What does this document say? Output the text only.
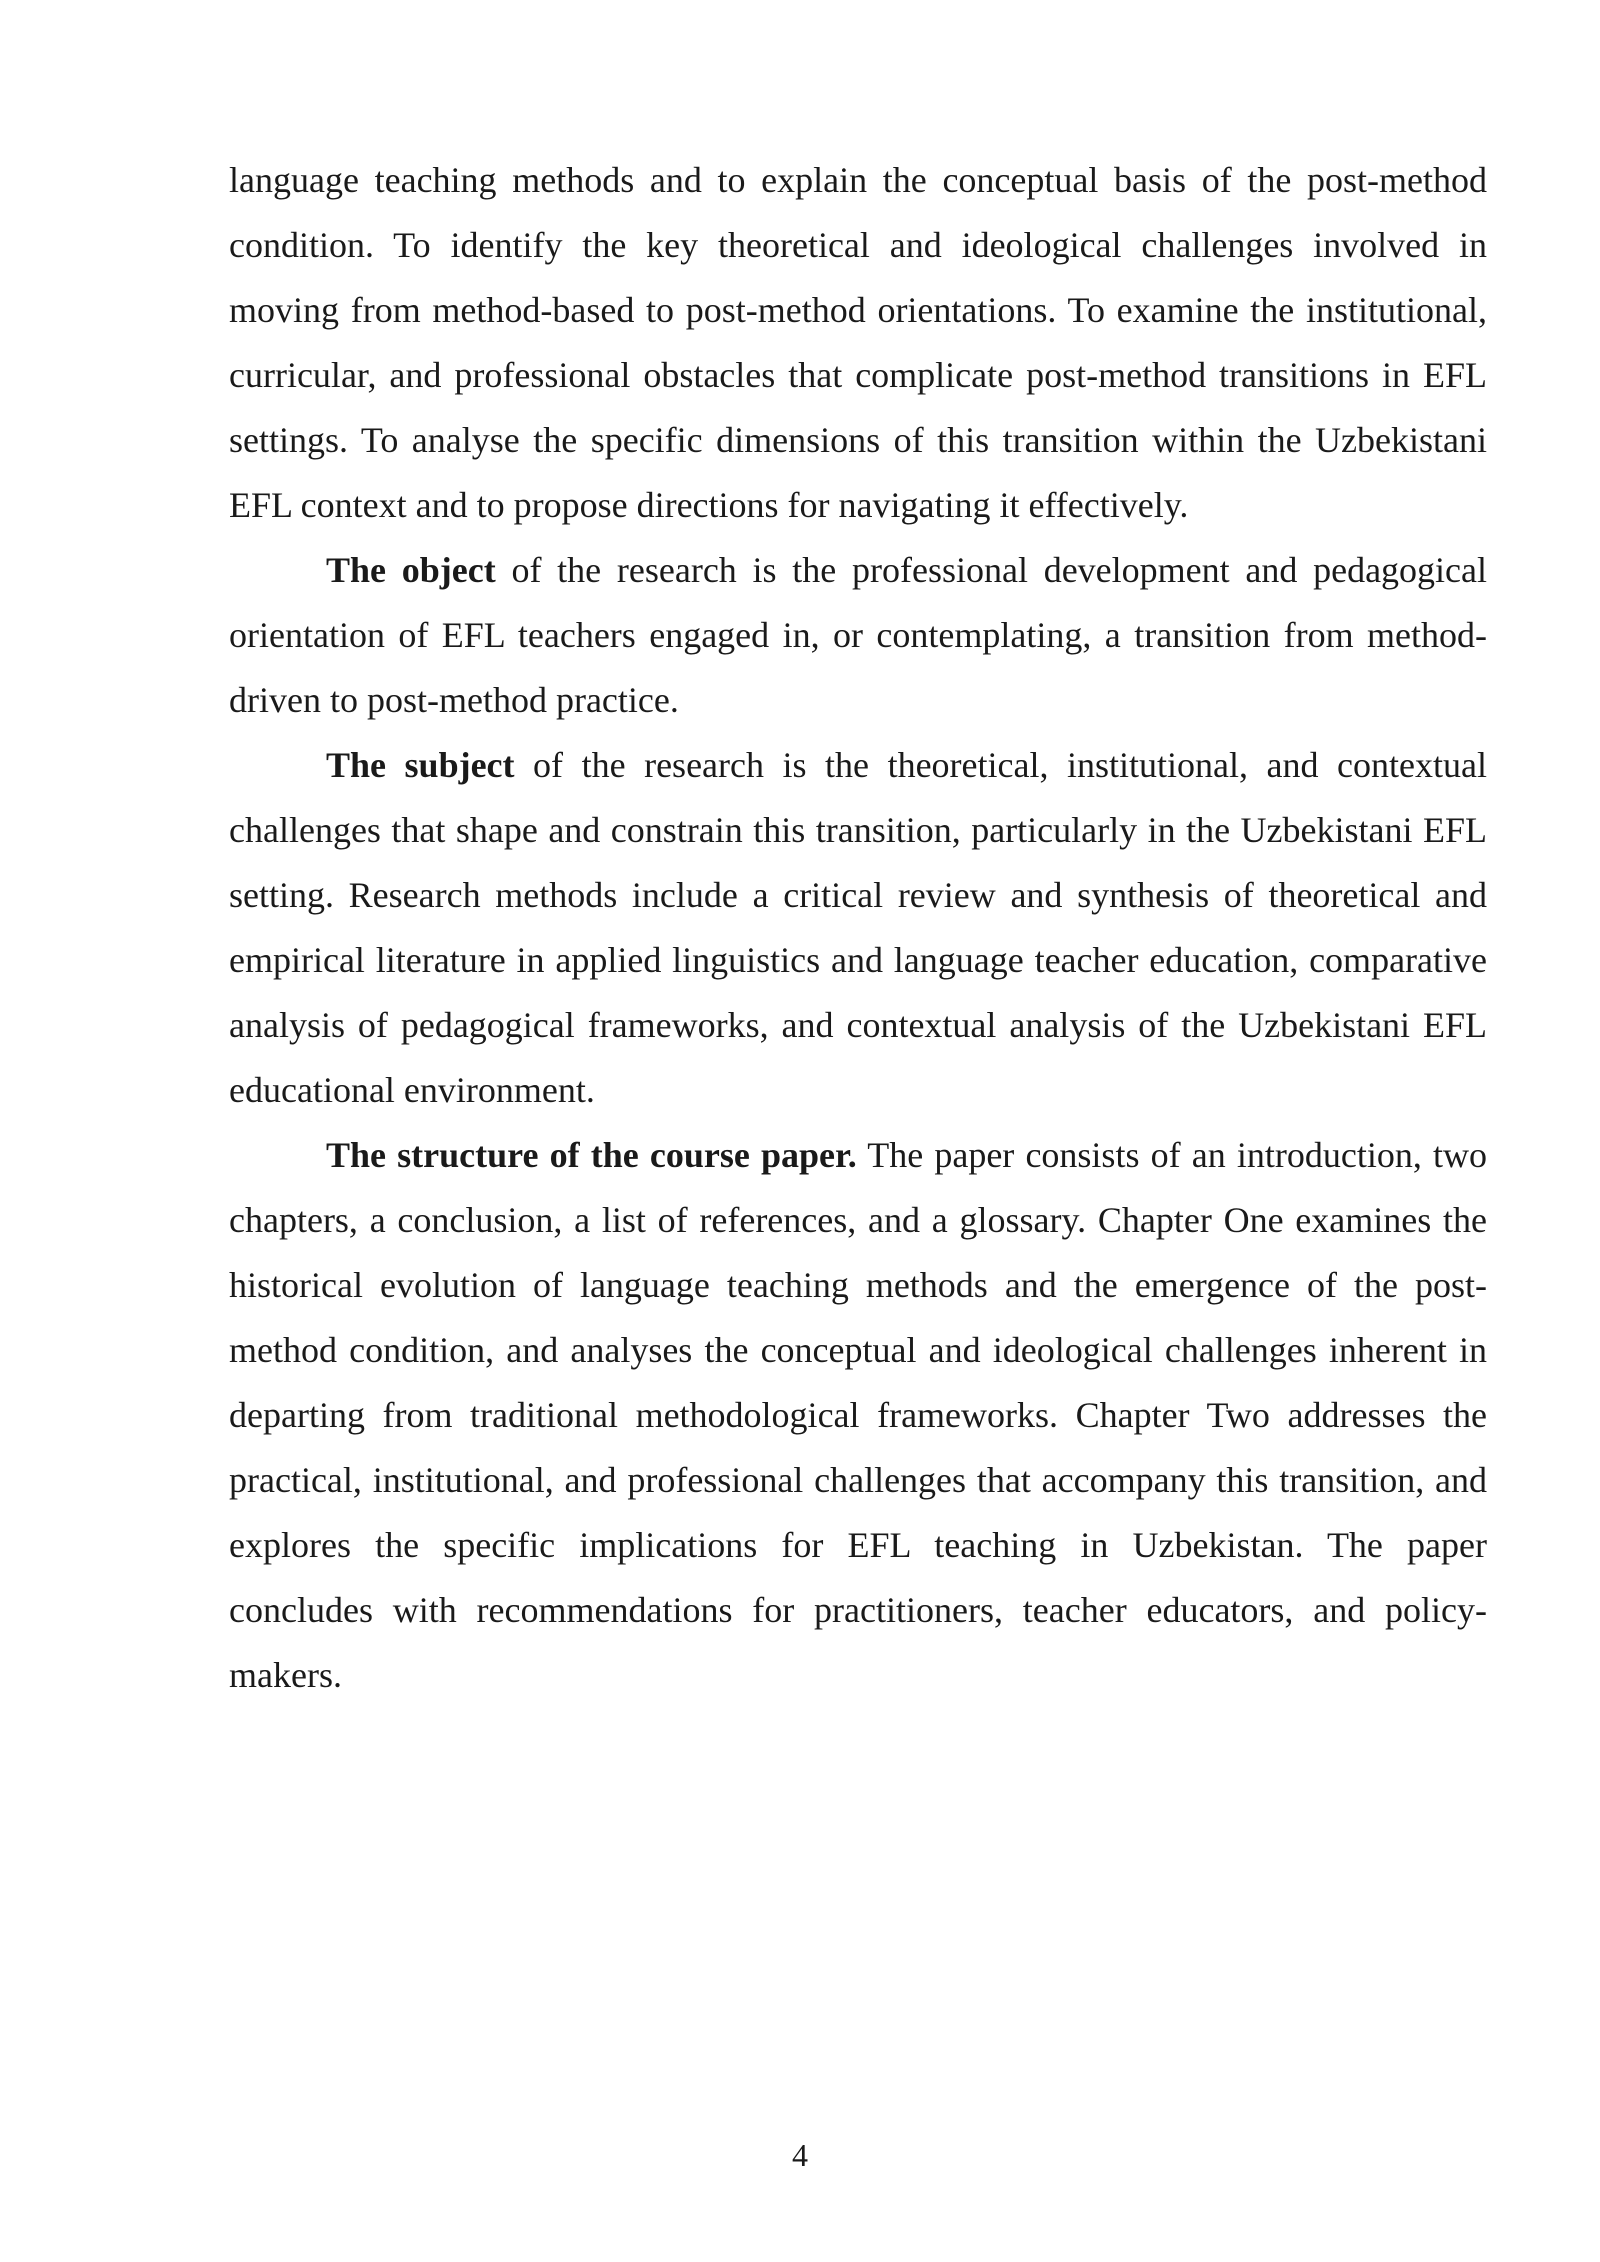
language teaching methods and to explain the conceptual basis of the post-method condition. To identify the key theoretical and ideological challenges involved in moving from method-based to post-method orientations. To examine the institutional, curricular, and professional obstacles that complicate post-method transitions in EFL settings. To analyse the specific dimensions of this transition within the Uzbekistani EFL context and to propose directions for navigating it effectively.

The object of the research is the professional development and pedagogical orientation of EFL teachers engaged in, or contemplating, a transition from method-driven to post-method practice.

The subject of the research is the theoretical, institutional, and contextual challenges that shape and constrain this transition, particularly in the Uzbekistani EFL setting. Research methods include a critical review and synthesis of theoretical and empirical literature in applied linguistics and language teacher education, comparative analysis of pedagogical frameworks, and contextual analysis of the Uzbekistani EFL educational environment.

The structure of the course paper. The paper consists of an introduction, two chapters, a conclusion, a list of references, and a glossary. Chapter One examines the historical evolution of language teaching methods and the emergence of the post-method condition, and analyses the conceptual and ideological challenges inherent in departing from traditional methodological frameworks. Chapter Two addresses the practical, institutional, and professional challenges that accompany this transition, and explores the specific implications for EFL teaching in Uzbekistan. The paper concludes with recommendations for practitioners, teacher educators, and policy-makers.

4
